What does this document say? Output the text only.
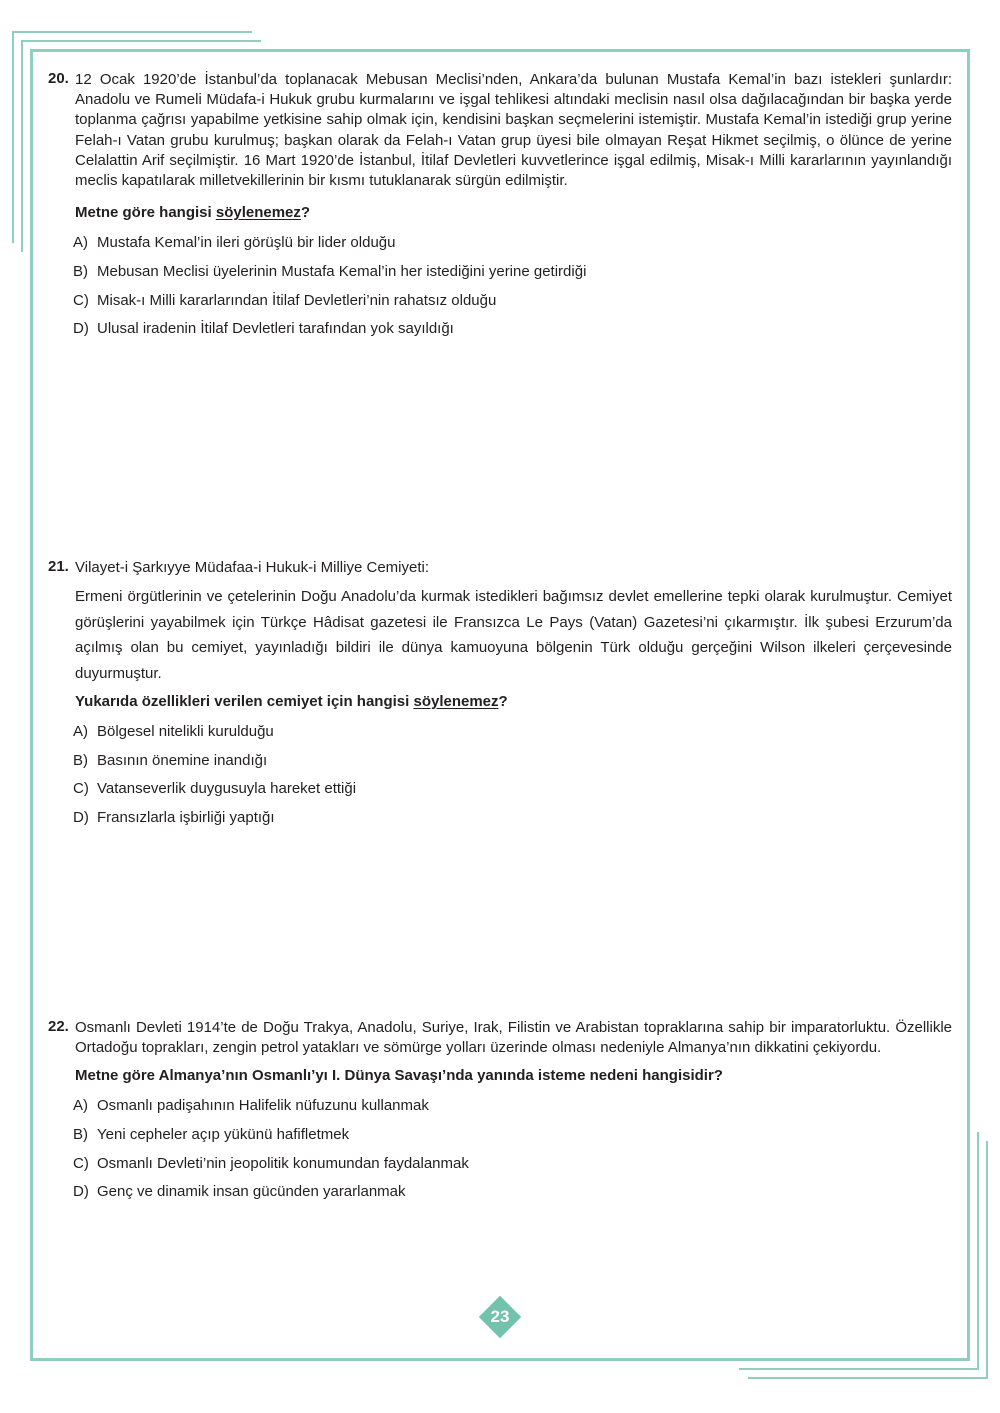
20. 12 Ocak 1920’de İstanbul’da toplanacak Mebusan Meclisi’nden, Ankara’da bulunan Mustafa Kemal’in bazı istekleri şunlardır: Anadolu ve Rumeli Müdafa-i Hukuk grubu kurmalarını ve işgal tehlikesi altındaki meclisin nasıl olsa dağılacağından bir başka yerde toplanma çağrısı yapabilme yetkisine sahip olmak için, kendisini başkan seçmelerini istemiştir. Mustafa Kemal’in istediği grup yerine Felah-ı Vatan grubu kurulmuş; başkan olarak da Felah-ı Vatan grup üyesi bile olmayan Reşat Hikmet seçilmiş, o ölünce de yerine Celalattin Arif seçilmiştir. 16 Mart 1920’de İstanbul, İtilaf Devletleri kuvvetlerince işgal edilmiş, Misak-ı Milli kararlarının yayınlandığı meclis kapatılarak milletvekillerinin bir kısmı tutuklanarak sürgün edilmiştir.

Metne göre hangisi söylenemez?

A) Mustafa Kemal’in ileri görüşlü bir lider olduğu
B) Mebusan Meclisi üyelerinin Mustafa Kemal’in her istediğini yerine getirdiği
C) Misak-ı Milli kararlarından İtilaf Devletleri’nin rahatsız olduğu
D) Ulusal iradenin İtilaf Devletleri tarafından yok sayıldığı
21. Vilayet-i Şarkıyye Müdafaa-i Hukuk-i Milliye Cemiyeti:

Ermeni örgütlerinin ve çetelerinin Doğu Anadolu’da kurmak istedikleri bağımsız devlet emellerine tepki olarak kurulmuştur. Cemiyet görüşlerini yayabilmek için Türkçe Hâdisat gazetesi ile Fransızca Le Pays (Vatan) Gazetesi’ni çıkarmıştır. İlk şubesi Erzurum’da açılmış olan bu cemiyet, yayınladığı bildiri ile dünya kamuoyuna bölgenin Türk olduğu gerçeğini Wilson ilkeleri çerçevesinde duyurmuştur.

Yukarıda özellikleri verilen cemiyet için hangisi söylenemez?

A) Bölgesel nitelikli kurulduğu
B) Basının önemine inandığı
C) Vatanseverlik duygusuyla hareket ettiği
D) Fransızlarla işbirliği yaptığı
22. Osmanlı Devleti 1914’te de Doğu Trakya, Anadolu, Suriye, Irak, Filistin ve Arabistan topraklarına sahip bir imparatorluktu. Özellikle Ortadoğu toprakları, zengin petrol yatakları ve sömürge yolları üzerinde olması nedeniyle Almanya’nın dikkatini çekiyordu.

Metne göre Almanya’nın Osmanlı’yı I. Dünya Savaşı’nda yanında isteme nedeni hangisidir?

A) Osmanlı padişahının Halifelik nüfuzunu kullanmak
B) Yeni cepheler açıp yükünü hafifletmek
C) Osmanlı Devleti’nin jeopolitik konumundan faydalanmak
D) Genç ve dinamik insan gücünden yararlanmak
23
